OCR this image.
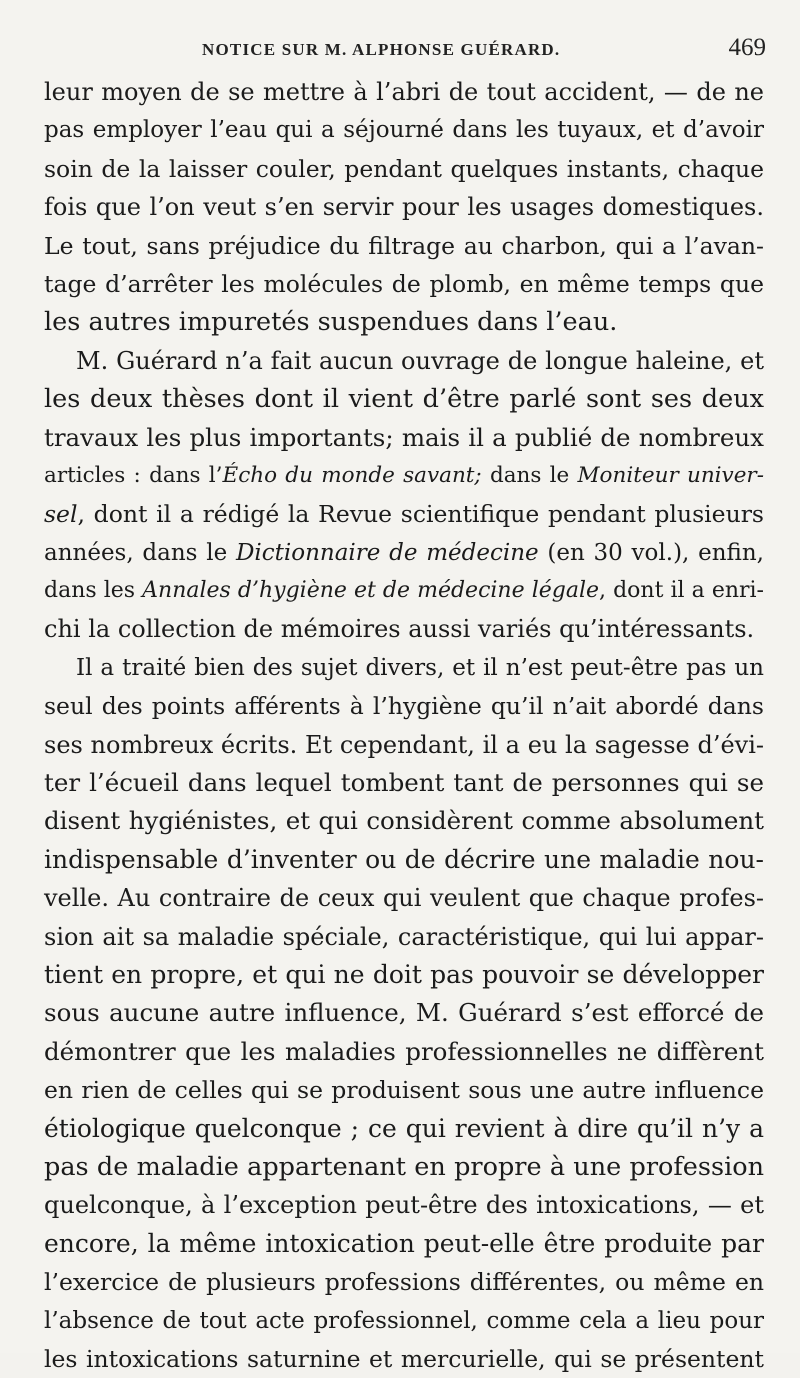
NOTICE SUR M. ALPHONSE GUÉRARD.	469
leur moyen de se mettre à l’abri de tout accident, — de ne
pas employer l’eau qui a séjourné dans les tuyaux, et d’avoir
soin de la laisser couler, pendant quelques instants, chaque
fois que l’on veut s’en servir pour les usages domestiques.
Le tout, sans préjudice du filtrage au charbon, qui a l’avan-
tage d’arrêter les molécules de plomb, en même temps que
les autres impuretés suspendues dans l’eau.
M. Guérard n’a fait aucun ouvrage de longue haleine, et
les deux thèses dont il vient d’être parlé sont ses deux
travaux les plus importants; mais il a publié de nombreux
articles : dans l’Écho du monde savant; dans le Moniteur univer-
sel, dont il a rédigé la Revue scientifique pendant plusieurs
années, dans le Dictionnaire de médecine (en 30 vol.), enfin,
dans les Annales d’hygiène et de médecine légale, dont il a enri-
chi la collection de mémoires aussi variés qu’intéressants.
Il a traité bien des sujet divers, et il n’est peut-être pas un
seul des points afférents à l’hygiène qu’il n’ait abordé dans
ses nombreux écrits. Et cependant, il a eu la sagesse d’évi-
ter l’écueil dans lequel tombent tant de personnes qui se
disent hygiénistes, et qui considèrent comme absolument
indispensable d’inventer ou de décrire une maladie nou-
velle. Au contraire de ceux qui veulent que chaque profes-
sion ait sa maladie spéciale, caractéristique, qui lui appar-
tient en propre, et qui ne doit pas pouvoir se développer
sous aucune autre influence, M. Guérard s’est efforcé de
démontrer que les maladies professionnelles ne diffèrent
en rien de celles qui se produisent sous une autre influence
étiologique quelconque ; ce qui revient à dire qu’il n’y a
pas de maladie appartenant en propre à une profession
quelconque, à l’exception peut-être des intoxications, — et
encore, la même intoxication peut-elle être produite par
l’exercice de plusieurs professions différentes, ou même en
l’absence de tout acte professionnel, comme cela a lieu pour
les intoxications saturnine et mercurielle, qui se présentent
